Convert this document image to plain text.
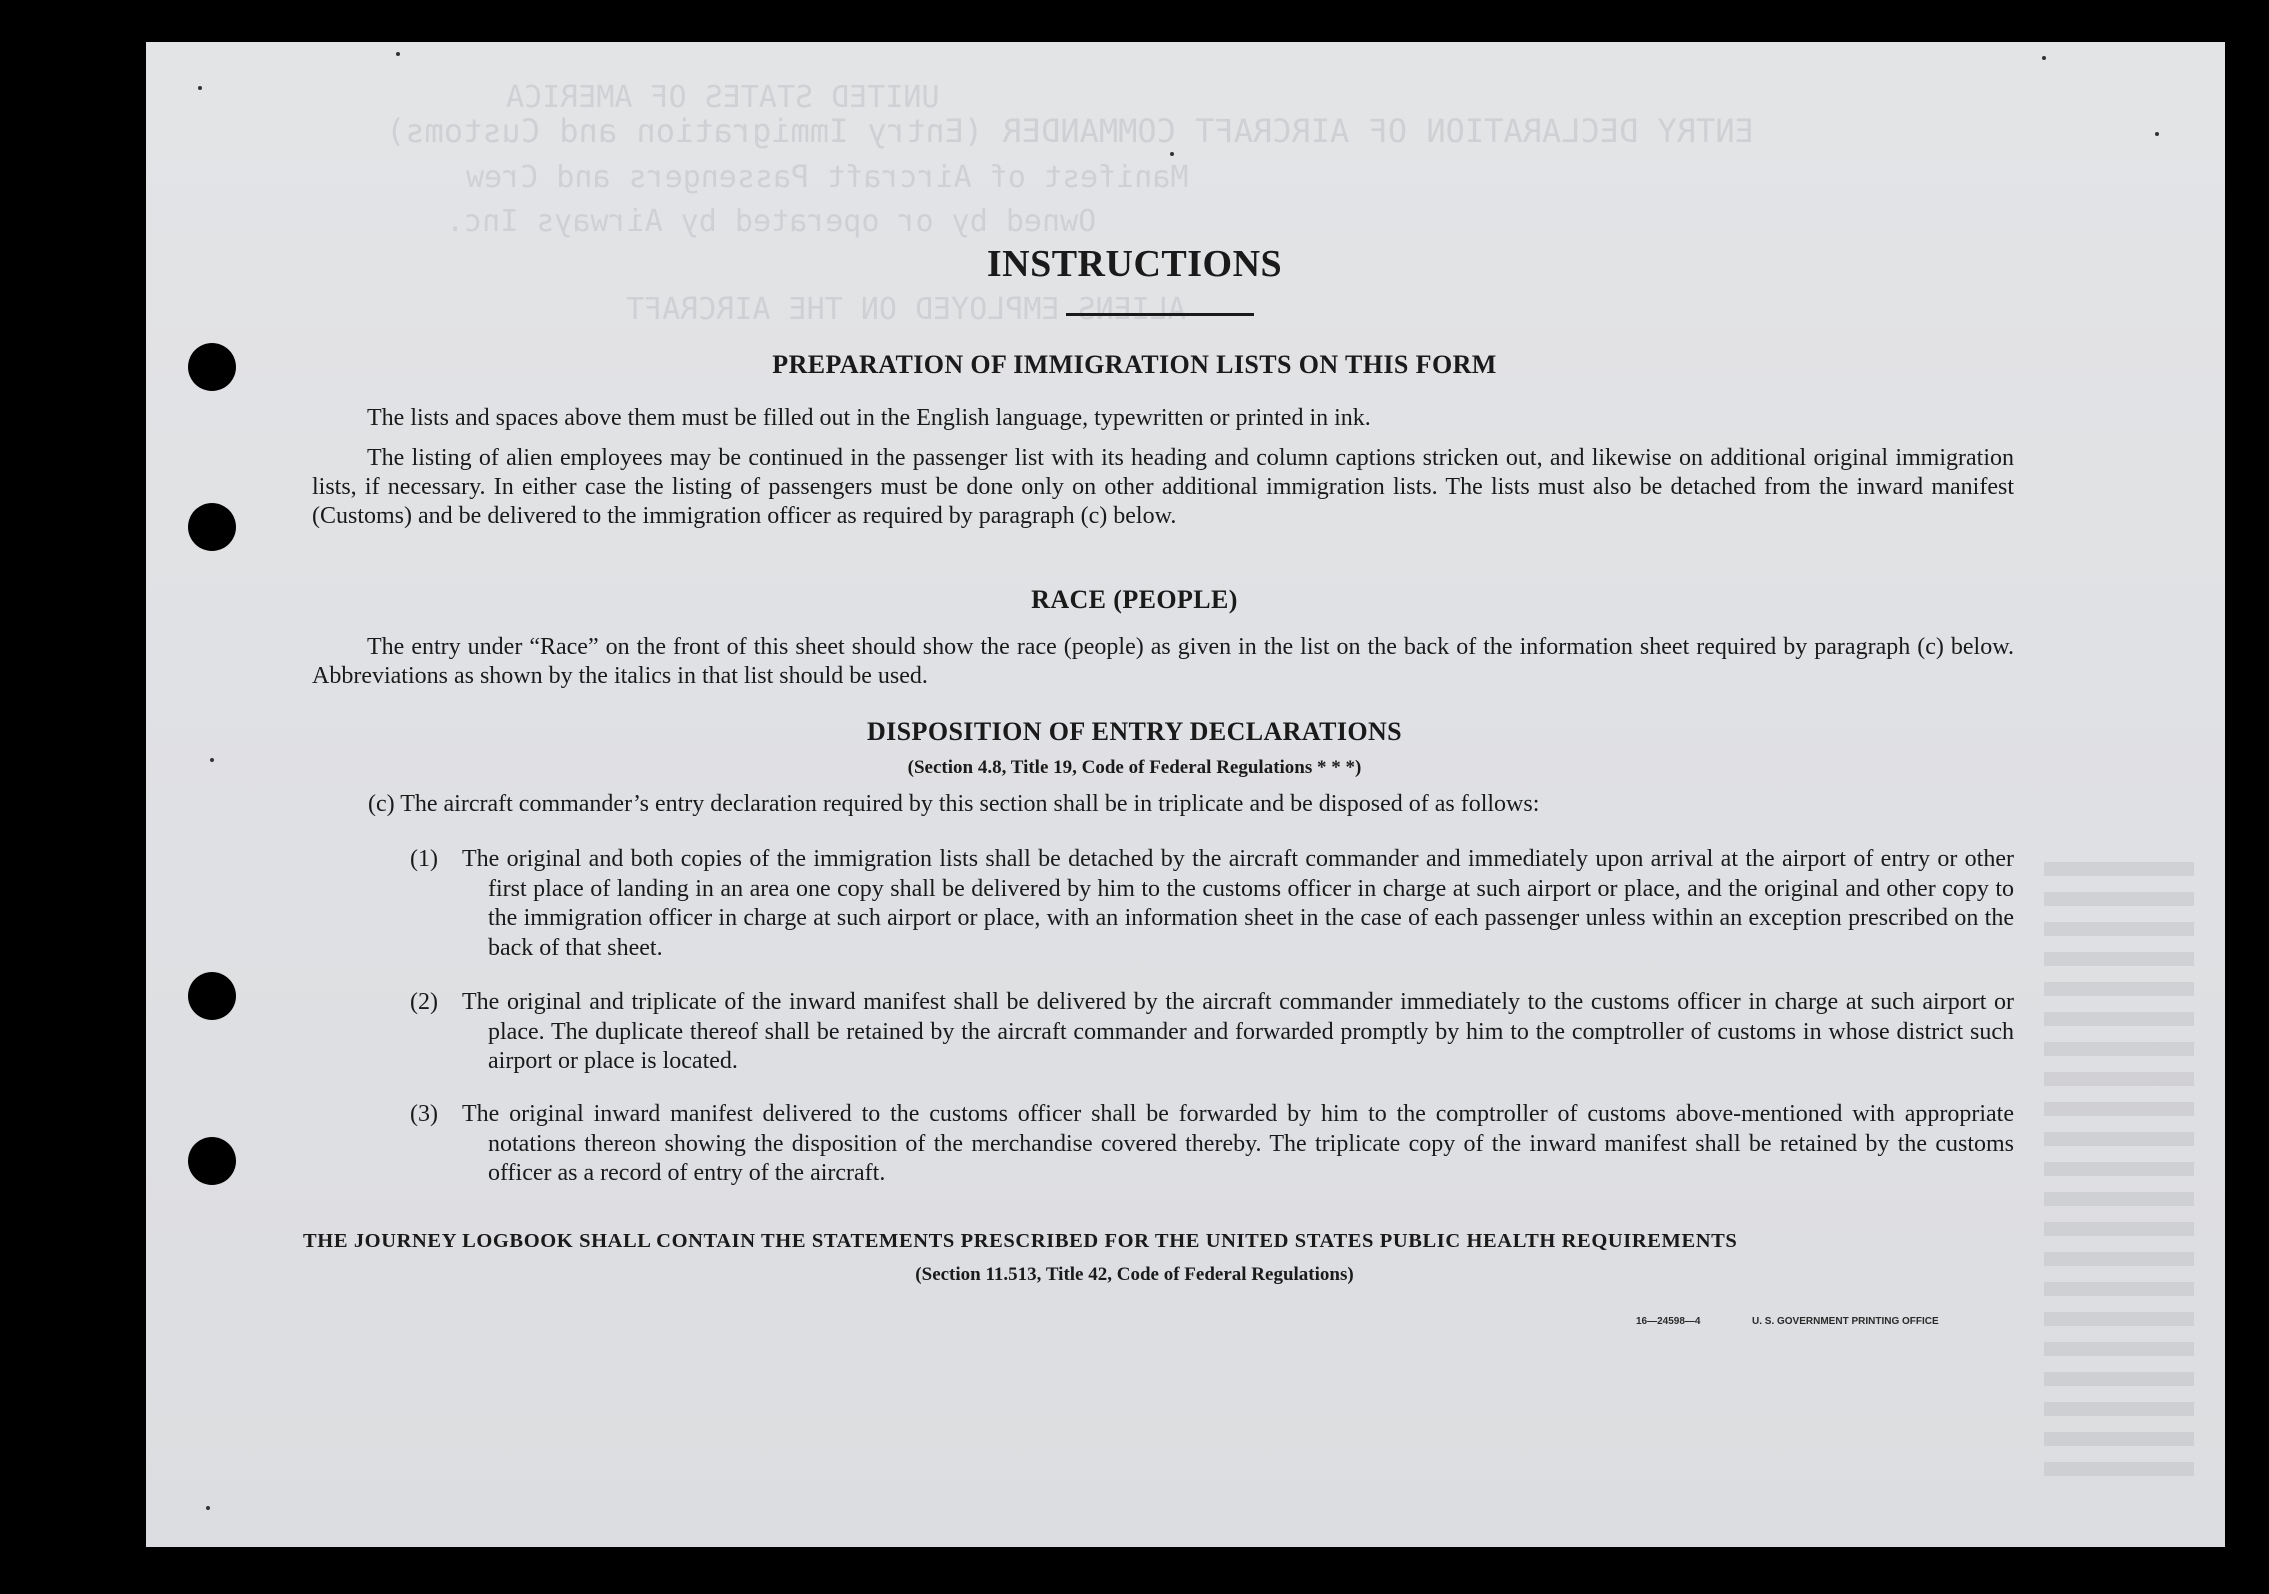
UNITED STATES OF AMERICA
ENTRY DECLARATION OF AIRCRAFT COMMANDER (Entry Immigration and Customs)
Manifest of Aircraft Passengers and Crew
Owned by or operated by Airways Inc.
ALIENS EMPLOYED ON THE AIRCRAFT
INSTRUCTIONS
PREPARATION OF IMMIGRATION LISTS ON THIS FORM
The lists and spaces above them must be filled out in the English language, typewritten or printed in ink.
The listing of alien employees may be continued in the passenger list with its heading and column captions stricken out, and likewise on additional original immigration lists, if necessary. In either case the listing of passengers must be done only on other additional immigration lists. The lists must also be detached from the inward manifest (Customs) and be delivered to the immigration officer as required by paragraph (c) below.
RACE (PEOPLE)
The entry under “Race” on the front of this sheet should show the race (people) as given in the list on the back of the information sheet required by paragraph (c) below. Abbreviations as shown by the italics in that list should be used.
DISPOSITION OF ENTRY DECLARATIONS
(Section 4.8, Title 19, Code of Federal Regulations * * *)
(c) The aircraft commander’s entry declaration required by this section shall be in triplicate and be disposed of as follows:
(1) The original and both copies of the immigration lists shall be detached by the aircraft commander and immediately upon arrival at the airport of entry or other first place of landing in an area one copy shall be delivered by him to the customs officer in charge at such airport or place, and the original and other copy to the immigration officer in charge at such airport or place, with an information sheet in the case of each passenger unless within an exception prescribed on the back of that sheet.
(2) The original and triplicate of the inward manifest shall be delivered by the aircraft commander immediately to the customs officer in charge at such airport or place. The duplicate thereof shall be retained by the aircraft commander and forwarded promptly by him to the comptroller of customs in whose district such airport or place is located.
(3) The original inward manifest delivered to the customs officer shall be forwarded by him to the comptroller of customs above-mentioned with appropriate notations thereon showing the disposition of the merchandise covered thereby. The triplicate copy of the inward manifest shall be retained by the customs officer as a record of entry of the aircraft.
THE JOURNEY LOGBOOK SHALL CONTAIN THE STATEMENTS PRESCRIBED FOR THE UNITED STATES PUBLIC HEALTH REQUIREMENTS
(Section 11.513, Title 42, Code of Federal Regulations)
16—24598—4	U. S. GOVERNMENT PRINTING OFFICE
